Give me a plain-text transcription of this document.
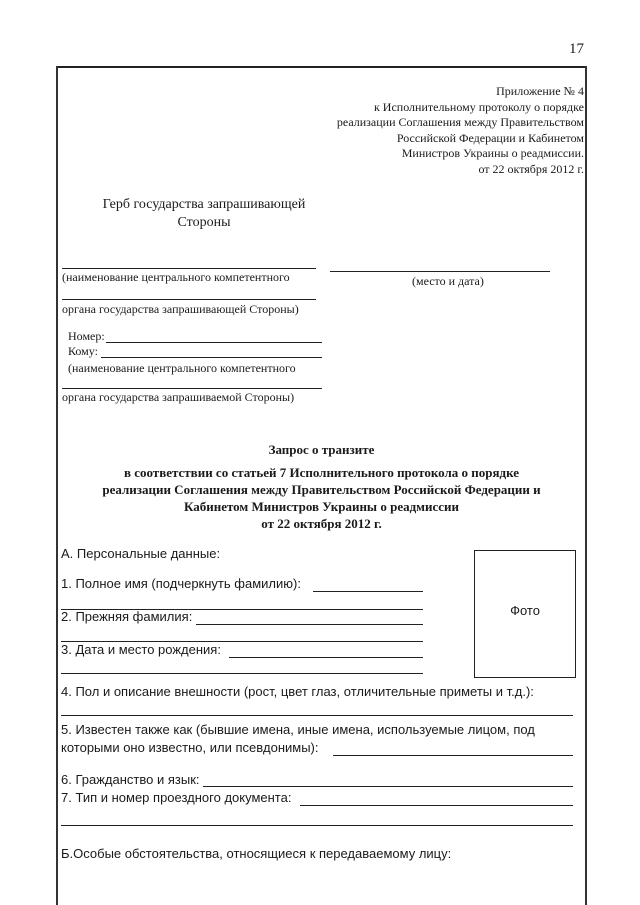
17
Приложение № 4
к Исполнительному протоколу о порядке
реализации Соглашения между Правительством
Российской Федерации и Кабинетом
Министров Украины о реадмиссии.
от 22 октября 2012 г.
Герб государства запрашивающей
Стороны
(наименование центрального компетентного
органа государства запрашивающей Стороны)
(место и дата)
Номер:
Кому:
(наименование центрального компетентного
органа государства запрашиваемой Стороны)
Запрос о транзите
в соответствии со статьей 7 Исполнительного протокола о порядке
реализации Соглашения между Правительством Российской Федерации и
Кабинетом Министров Украины о реадмиссии
от 22 октября 2012 г.
А. Персональные данные:
1. Полное имя (подчеркнуть фамилию):
2. Прежняя фамилия:
3. Дата и место рождения:
Фото
4. Пол и описание внешности (рост, цвет глаз, отличительные приметы и т.д.):
5. Известен также как (бывшие имена, иные имена, используемые лицом, под
которыми оно известно, или псевдонимы):
6. Гражданство и язык:
7. Тип и номер проездного документа:
Б.Особые обстоятельства, относящиеся к передаваемому лицу:
